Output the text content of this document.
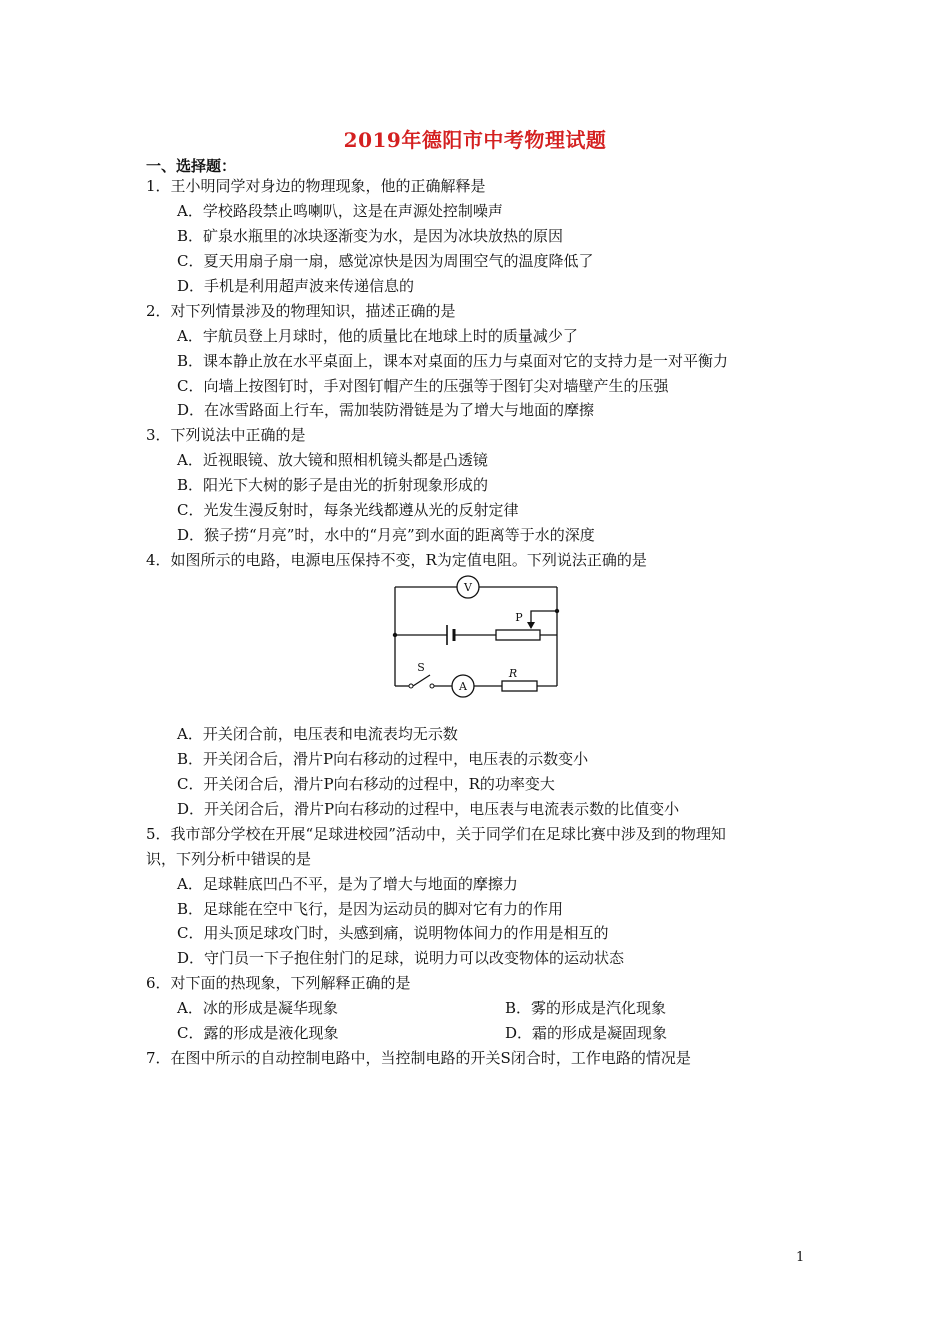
2019年德阳市中考物理试题
一、选择题：
1．王小明同学对身边的物理现象，他的正确解释是
A．学校路段禁止鸣喇叭，这是在声源处控制噪声
B．矿泉水瓶里的冰块逐渐变为水，是因为冰块放热的原因
C．夏天用扇子扇一扇，感觉凉快是因为周围空气的温度降低了
D．手机是利用超声波来传递信息的
2．对下列情景涉及的物理知识，描述正确的是
A．宇航员登上月球时，他的质量比在地球上时的质量减少了
B．课本静止放在水平桌面上，课本对桌面的压力与桌面对它的支持力是一对平衡力
C．向墙上按图钉时，手对图钉帽产生的压强等于图钉尖对墙壁产生的压强
D．在冰雪路面上行车，需加装防滑链是为了增大与地面的摩擦
3．下列说法中正确的是
A．近视眼镜、放大镜和照相机镜头都是凸透镜
B．阳光下大树的影子是由光的折射现象形成的
C．光发生漫反射时，每条光线都遵从光的反射定律
D．猴子捞“月亮”时，水中的“月亮”到水面的距离等于水的深度
4．如图所示的电路，电源电压保持不变，R为定值电阻。下列说法正确的是
V
A
S
P
R
A．开关闭合前，电压表和电流表均无示数
B．开关闭合后，滑片P向右移动的过程中，电压表的示数变小
C．开关闭合后，滑片P向右移动的过程中，R的功率变大
D．开关闭合后，滑片P向右移动的过程中，电压表与电流表示数的比值变小
5．我市部分学校在开展“足球进校园”活动中，关于同学们在足球比赛中涉及到的物理知
识，下列分析中错误的是
A．足球鞋底凹凸不平，是为了增大与地面的摩擦力
B．足球能在空中飞行，是因为运动员的脚对它有力的作用
C．用头顶足球攻门时，头感到痛，说明物体间力的作用是相互的
D．守门员一下子抱住射门的足球，说明力可以改变物体的运动状态
6．对下面的热现象，下列解释正确的是
A．冰的形成是凝华现象	B．雾的形成是汽化现象
C．露的形成是液化现象	D．霜的形成是凝固现象
7．在图中所示的自动控制电路中，当控制电路的开关S闭合时，工作电路的情况是
1
